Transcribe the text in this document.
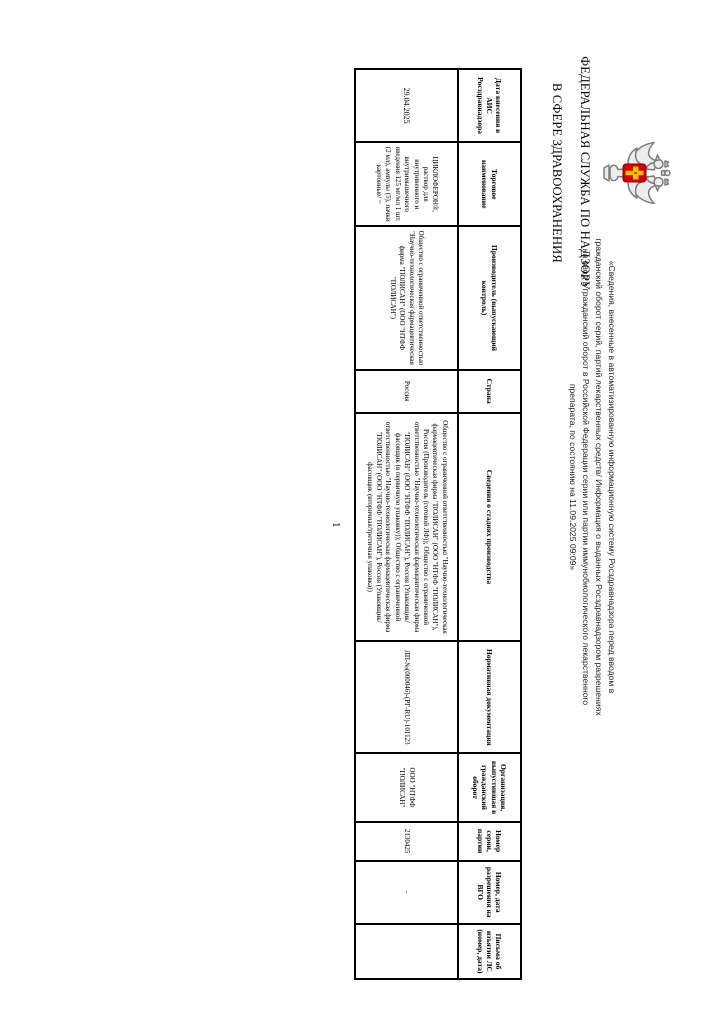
ФЕДЕРАЛЬНАЯ СЛУЖБА ПО НАДЗОРУ
В СФЕРЕ ЗДРАВООХРАНЕНИЯ
«Сведения, внесенные в автоматизированную информационную систему Росздравнадзора перед вводом в
гражданский оборот серий, партий лекарственных средств/ Информация о выданных Росздравнадзором разрешениях
на ввод в гражданский оборот в Российской Федерации серии или партии иммунобиологического лекарственного
препарата, по состоянию на 11.09.2025 09:09»
Дата внесения в АИС Росздравнадзора	Торговое наименование	Производитель (выпускающий контроль)	Страна	Сведения о стадиях производства	Нормативная документация	Организация, выпустившая в гражданский оборот	Номер серии, партии	Номер, дата разрешения на ВГО	Письма об изъятии ЛС (номер, дата)
29.04.2025	ЦИКЛОФЕРОН®, раствор для внутривенного и внутримышечного введения 125 мг/мл 1 шт. (2 мл), ампулы (5), пачки картонные/ ~	Общество с ограниченной ответственностью "Научно-технологическая фармацевтическая фирма "ПОЛИСАН" (ООО "НТФФ "ПОЛИСАН")	Россия	Общество с ограниченной ответственностью "Научно-технологическая фармацевтическая фирма "ПОЛИСАН" (ООО "НТФФ "ПОЛИСАН"), Россия (Производитель (готовой ЛФ)); Общество с ограниченной ответственностью "Научно-технологическая фармацевтическая фирма "ПОЛИСАН" (ООО "НТФФ "ПОЛИСАН"), Россия (Упаковщик/фасовщик (в первичную упаковку)); Общество с ограниченной ответственностью "Научно-технологическая фармацевтическая фирма "ПОЛИСАН" (ООО "НТФФ "ПОЛИСАН"), Россия (Упаковщик/фасовщик (вторичная/третичная упаковка))	ЛП-№(000046)-(РГ-RU)-101123	ООО "НТФФ "ПОЛИСАН"	2130425	-	
1
